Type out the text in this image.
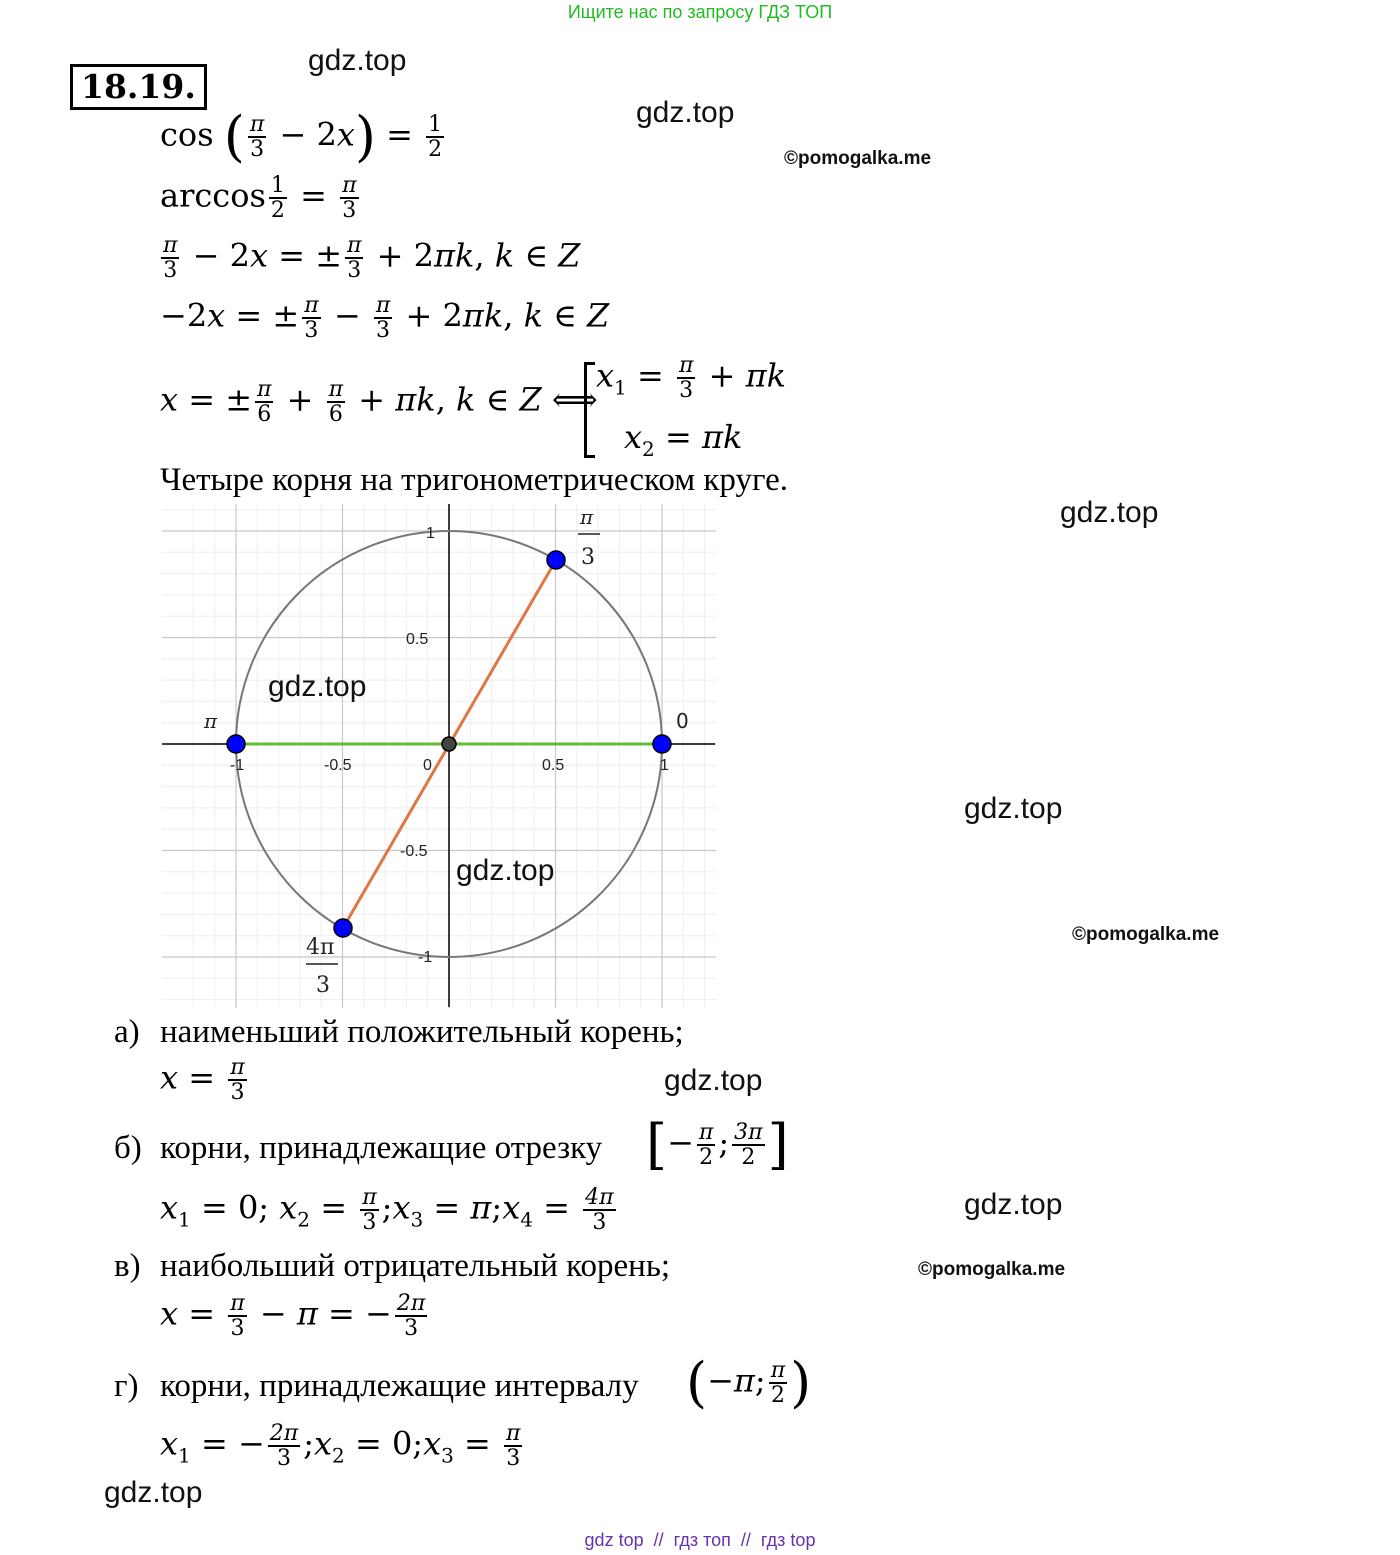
Ищите нас по запросу ГДЗ ТОП
18.19.
gdz.top
gdz.top
©pomogalka.me
gdz.top
gdz.top
©pomogalka.me
gdz.top
gdz.top
©pomogalka.me
gdz.top
cos ( $\frac{\pi}{3} - 2x) = \frac{1}{2}$
$\arccos \frac{1}{2} = \frac{\pi}{3}$
$\frac{\pi}{3} - 2x$ = ± $\frac{\pi}{3} + 2\pi k$, k ∈ Z
−2x = ± $\frac{\pi}{3} - \frac{\pi}{3} + 2\pi k$, k ∈ Z
x = ± $\frac{\pi}{6} + \frac{\pi}{6} + \pi k$, k ∈ Z ⟺
$x_1 = \frac{\pi}{3} + \pi k$
$x_2 = \pi k$
Четыре корня на тригонометрическом круге.
-1	-0.5	0	0.5	1
1
0.5
-0.5
-1
π	0
π
3
4π
3
gdz.top
gdz.top
а) наименьший положительный корень;
$x = \frac{\pi}{3}$
б) корни, принадлежащие отрезку [− $\frac{\pi}{2}$ ; $\frac{3\pi}{2}$ ]
$x_1 = 0$; $x_2 = \frac{\pi}{3}$ $;x_3$ = $\pi;x_4 = \frac{4\pi}{3}$
в) наибольший отрицательный корень;
$x = \frac{\pi}{3} - \pi$ = − $\frac{2\pi}{3}$
г) корни, принадлежащие интервалу (−π; $\frac{\pi}{2}$ )
$x_1$ = − $\frac{2\pi}{3}$ $;x_2$ = $0;x_3 = \frac{\pi}{3}$
gdz top  //  гдз топ  //  гдз top
